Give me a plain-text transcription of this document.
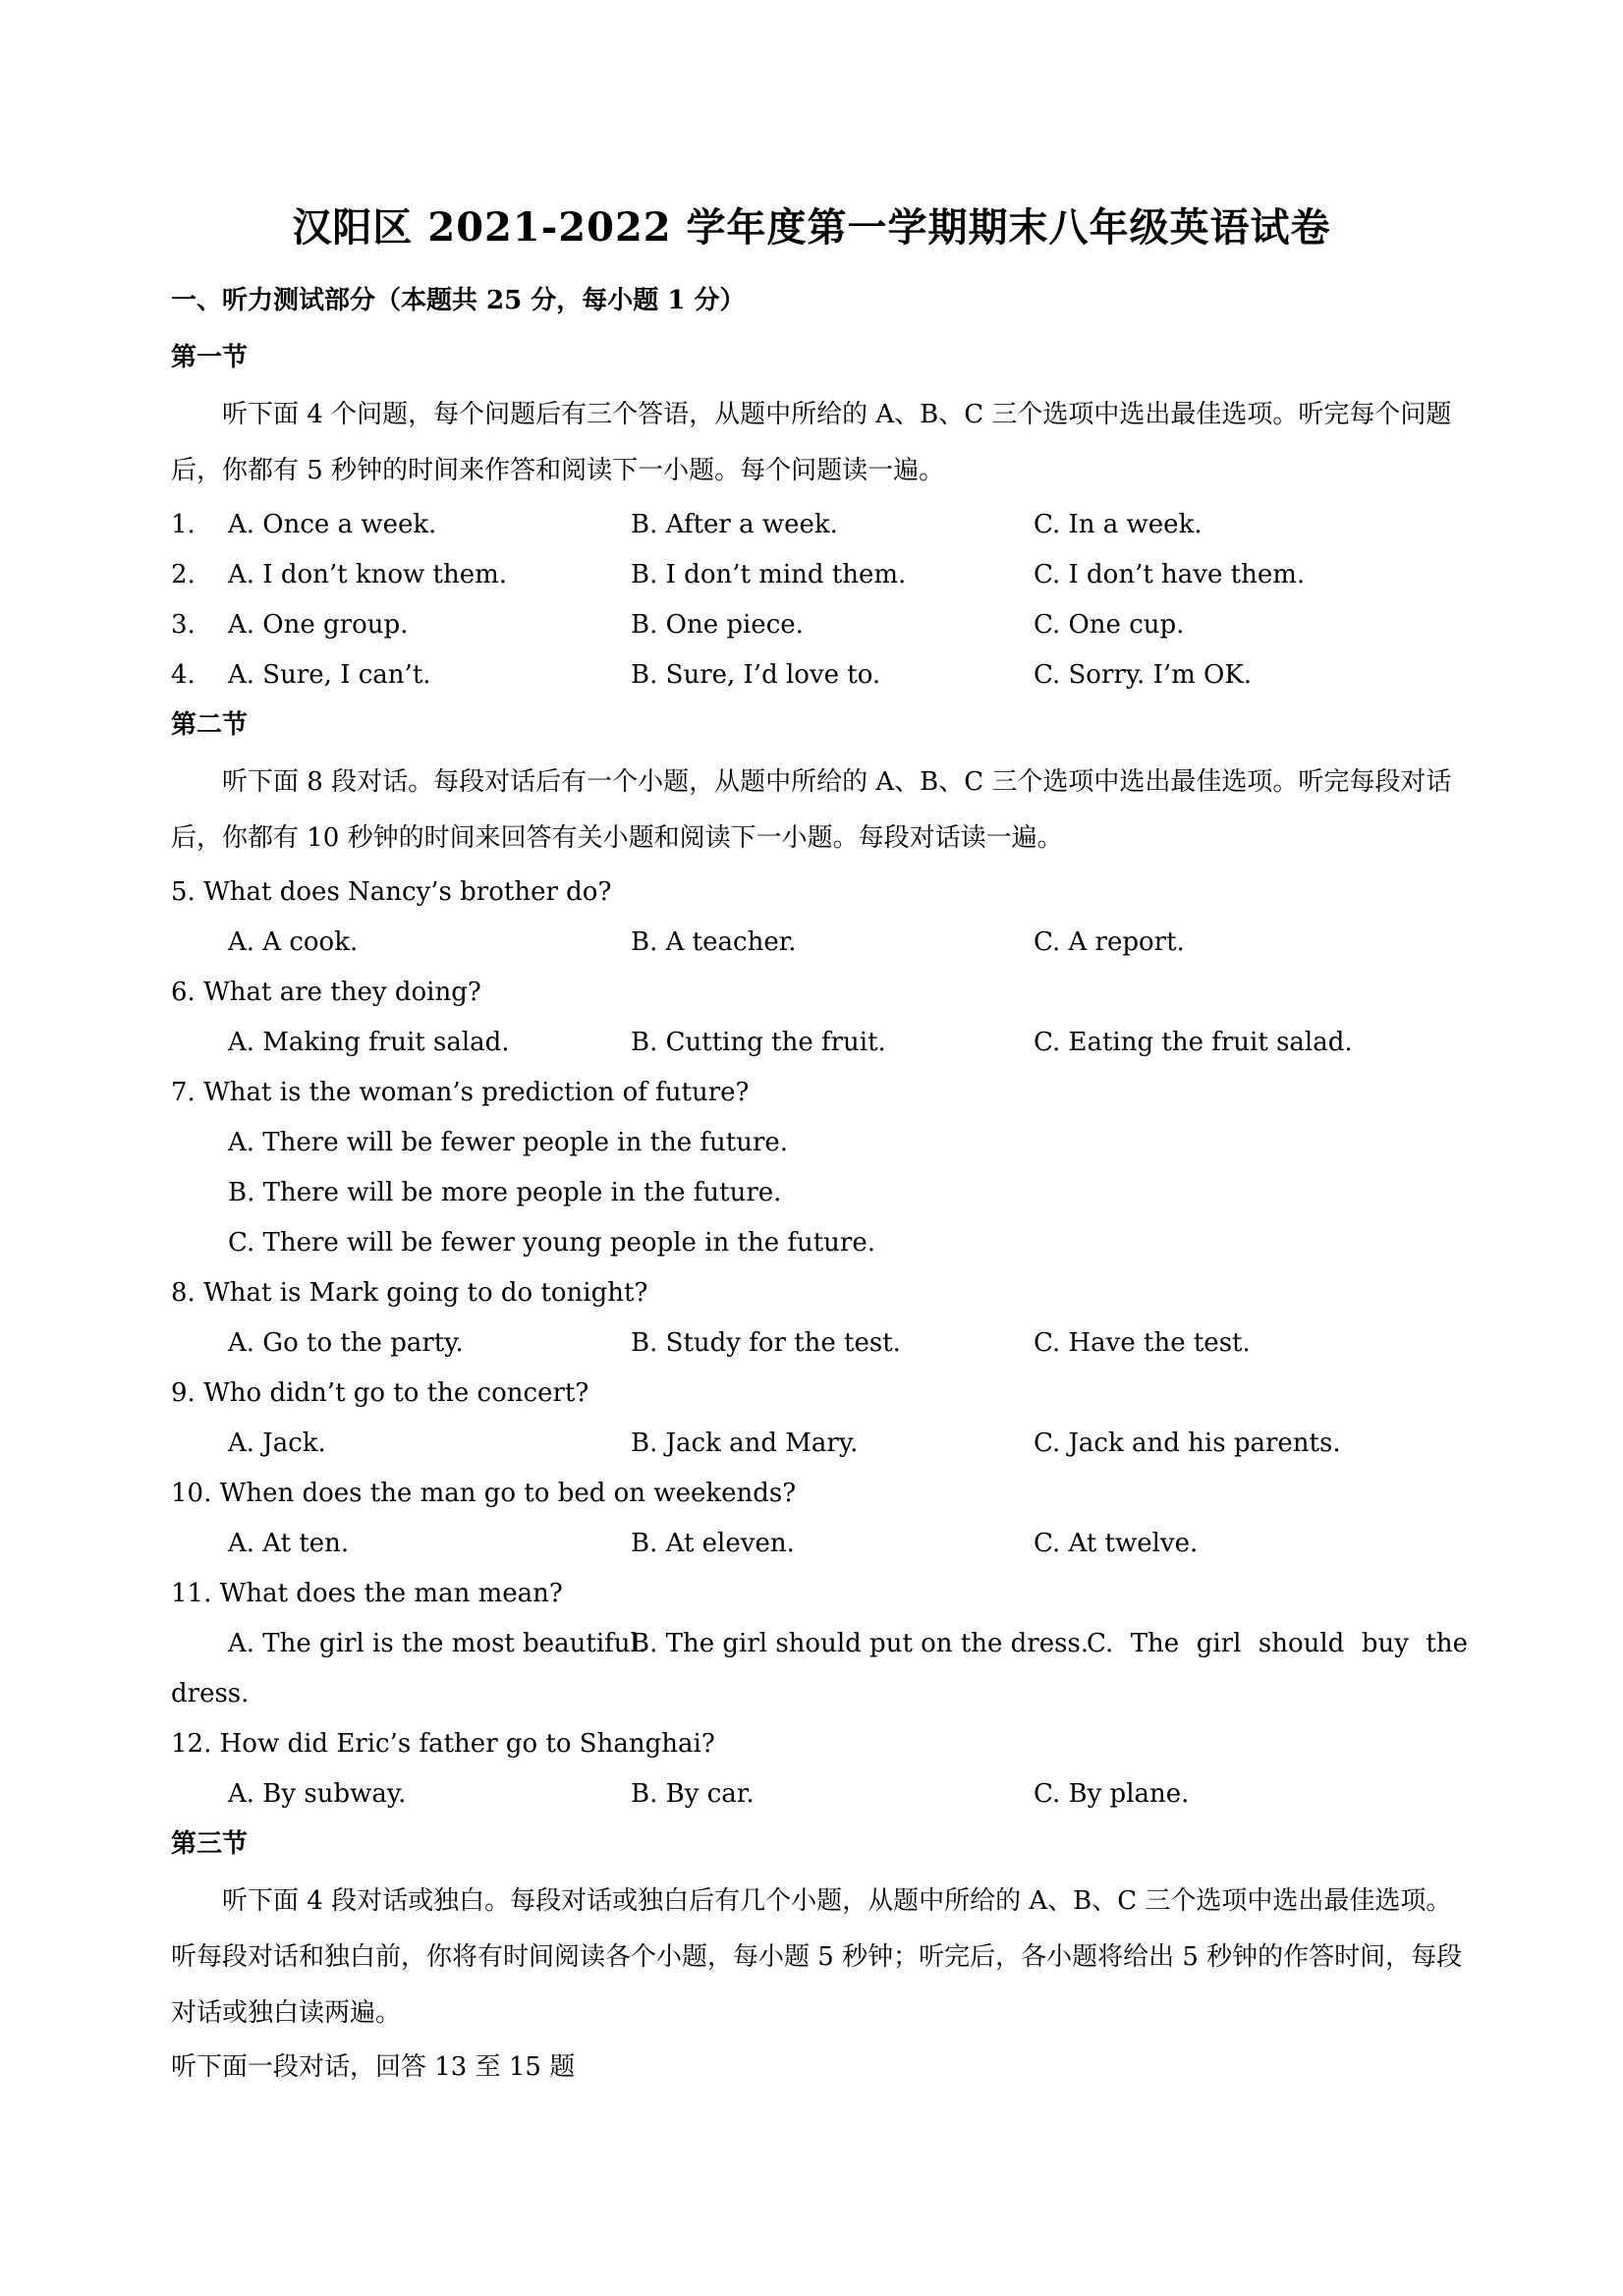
汉阳区 2021-2022 学年度第一学期期末八年级英语试卷
一、听力测试部分（本题共 25 分，每小题 1 分）
第一节
听下面 4 个问题，每个问题后有三个答语，从题中所给的 A、B、C 三个选项中选出最佳选项。听完每个问题后，你都有 5 秒钟的时间来作答和阅读下一小题。每个问题读一遍。
1. A. Once a week.	B. After a week.	C. In a week.
2. A. I don’t know them.	B. I don’t mind them.	C. I don’t have them.
3. A. One group.	B. One piece.	C. One cup.
4. A. Sure, I can’t.	B. Sure, I’d love to.	C. Sorry. I’m OK.
第二节
听下面 8 段对话。每段对话后有一个小题，从题中所给的 A、B、C 三个选项中选出最佳选项。听完每段对话后，你都有 10 秒钟的时间来回答有关小题和阅读下一小题。每段对话读一遍。
5. What does Nancy’s brother do?
A. A cook.	B. A teacher.	C. A report.
6. What are they doing?
A. Making fruit salad.	B. Cutting the fruit.	C. Eating the fruit salad.
7. What is the woman’s prediction of future?
A. There will be fewer people in the future.
B. There will be more people in the future.
C. There will be fewer young people in the future.
8. What is Mark going to do tonight?
A. Go to the party.	B. Study for the test.	C. Have the test.
9. Who didn’t go to the concert?
A. Jack.	B. Jack and Mary.	C. Jack and his parents.
10. When does the man go to bed on weekends?
A. At ten.	B. At eleven.	C. At twelve.
11. What does the man mean?
A. The girl is the most beautiful.
B. The girl should put on the dress.
C. The girl should buy the
dress.
12. How did Eric’s father go to Shanghai?
A. By subway.	B. By car.	C. By plane.
第三节
听下面 4 段对话或独白。每段对话或独白后有几个小题，从题中所给的 A、B、C 三个选项中选出最佳选项。听每段对话和独白前，你将有时间阅读各个小题，每小题 5 秒钟；听完后，各小题将给出 5 秒钟的作答时间，每段对话或独白读两遍。
听下面一段对话，回答 13 至 15 题
